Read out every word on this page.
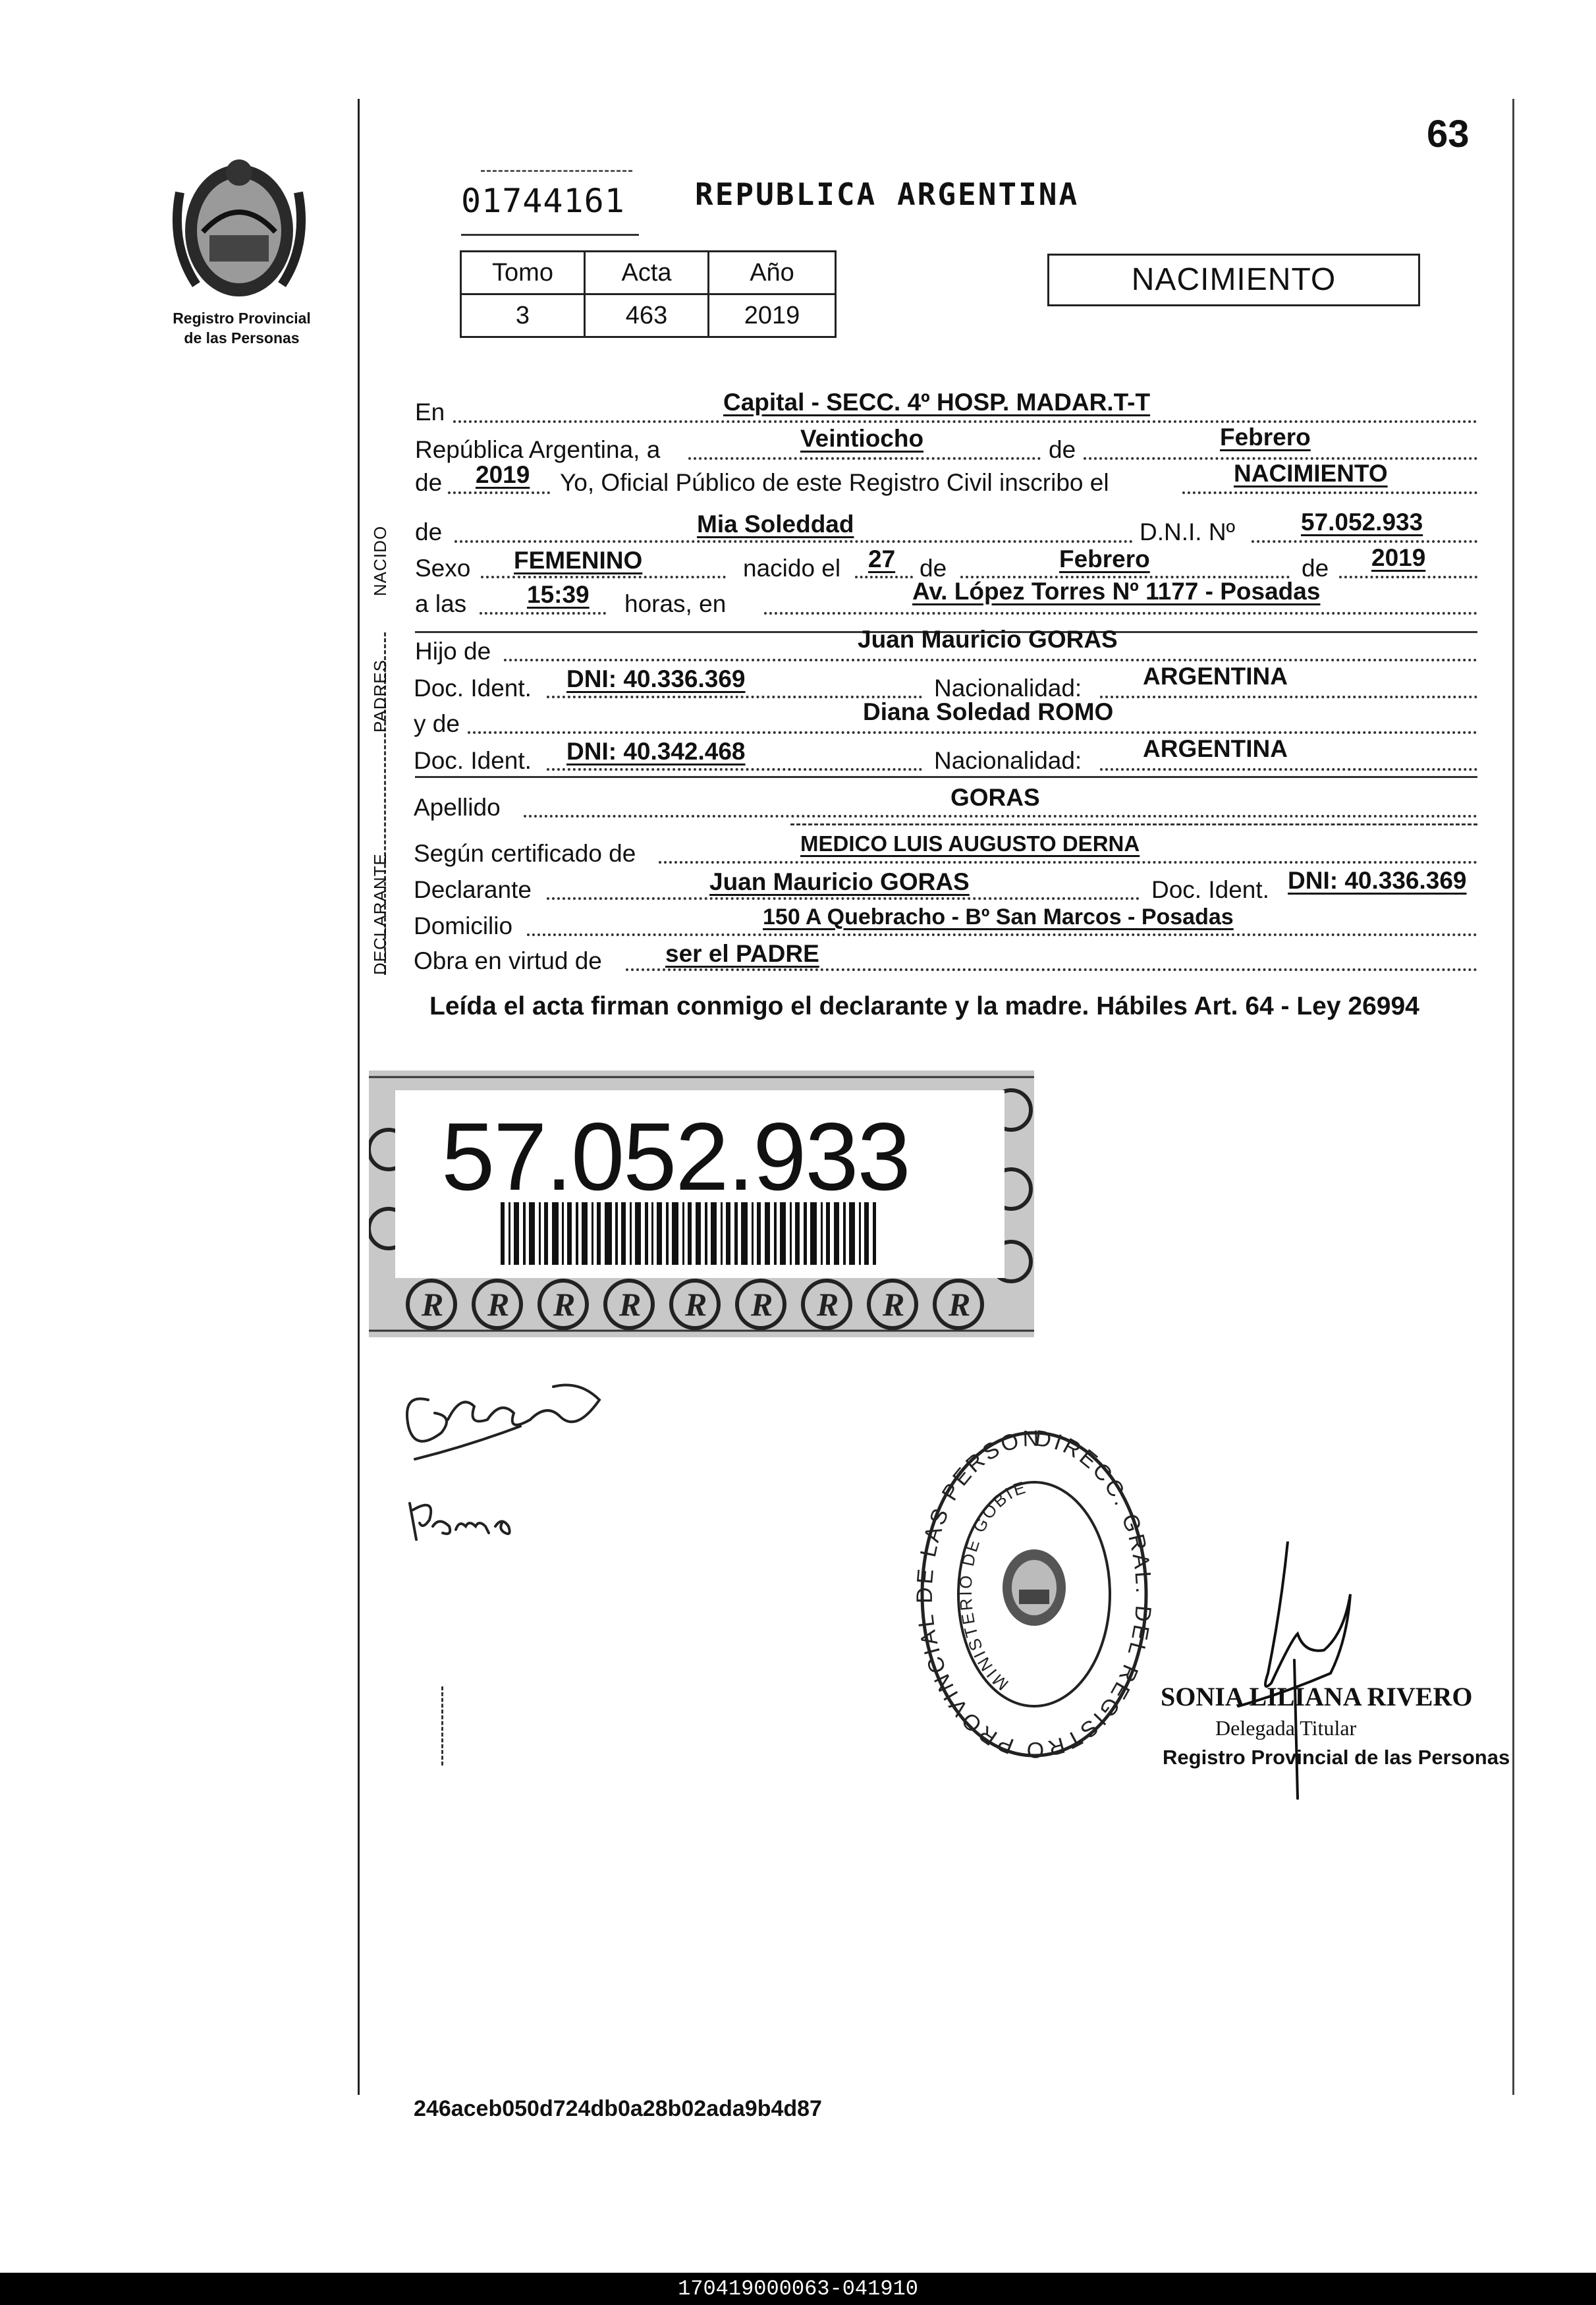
63
Registro Provincial
de las Personas
01744161 REPUBLICA ARGENTINA
Tomo	Acta	Año
3	463	2019
NACIMIENTO
NACIDO
PADRES
DECLARANTE
En	Capital - SECC. 4º HOSP. MADAR.T-T
República Argentina, a	Veintiocho	de	Febrero
de 2019 Yo, Oficial Público de este Registro Civil inscribo el	NACIMIENTO
de	Mia Soleddad	D.N.I. Nº	57.052.933
Sexo FEMENINO	nacido el 27 de	Febrero	de 2019
a las 15:39 horas, en	Av. López Torres Nº 1177 - Posadas
Hijo de	Juan Mauricio GORAS
Doc. Ident. DNI: 40.336.369	Nacionalidad:	ARGENTINA
y de	Diana Soledad ROMO
Doc. Ident. DNI: 40.342.468	Nacionalidad:	ARGENTINA
Apellido	GORAS
Según certificado de	MEDICO LUIS AUGUSTO DERNA
Declarante	Juan Mauricio GORAS	Doc. Ident. DNI: 40.336.369
Domicilio	150 A Quebracho - Bº San Marcos - Posadas
Obra en virtud de	ser el PADRE
Leída el acta firman conmigo el declarante y la madre. Hábiles Art. 64 - Ley 26994
R R R R R R R R R
57.052.933
DIRECC. GRAL. DEL REGISTRO PROVINCIAL DE LAS PERSON
MINISTERIO DE GOBIE
SONIA LILIANA RIVERO
Delegada Titular
Registro Provincial de las Personas
246aceb050d724db0a28b02ada9b4d87
170419000063-041910
